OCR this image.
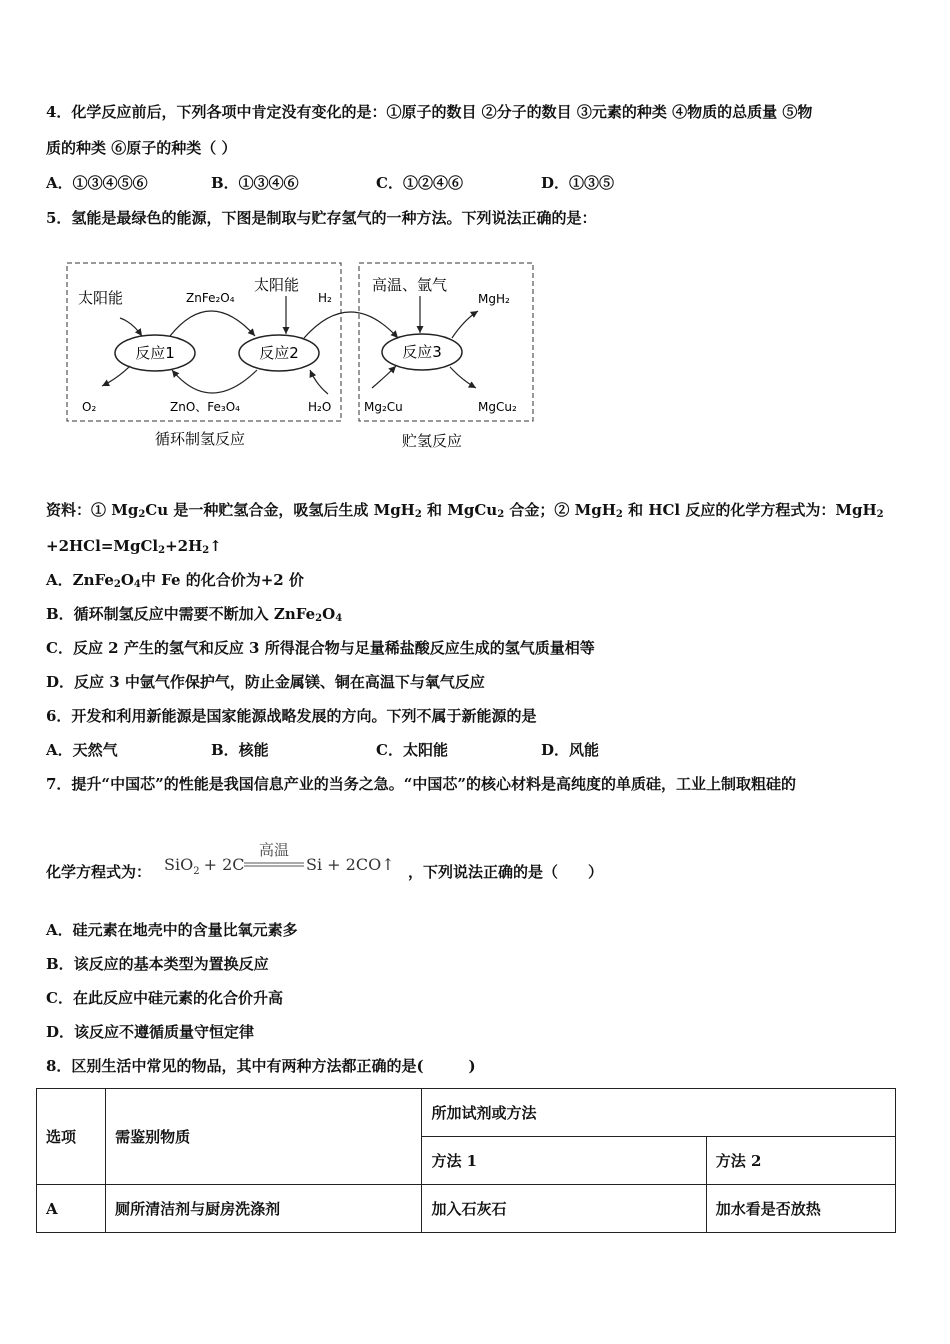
4．化学反应前后，下列各项中肯定没有变化的是：①原子的数目 ②分子的数目 ③元素的种类 ④物质的总质量 ⑤物
质的种类 ⑥原子的种类（ ）
A．①③④⑤⑥	B．①③④⑥	C．①②④⑥	D．①③⑤
5．氢能是最绿色的能源，下图是制取与贮存氢气的一种方法。下列说法正确的是：
太阳能
太阳能	高温、氩气
ZnFe₂O₄	H₂	MgH₂
反应1	反应2	反应3
O₂	ZnO、Fe₃O₄	H₂O	Mg₂Cu	MgCu₂
循环制氢反应	贮氢反应
资料：① $Mg_2Cu$ 是一种贮氢合金，吸氢后生成 MgH$_2$ 和 MgCu$_2$ 合金；② MgH$_2$ 和 HCl 反应的化学方程式为：MgH$_2$
$+2HCl=MgCl_2+2H_2↑$
A．$ZnFe_2O_4$中 Fe 的化合价为+2 价
B．循环制氢反应中需要不断加入 $ZnFe_2O_4$
C．反应 2 产生的氢气和反应 3 所得混合物与足量稀盐酸反应生成的氢气质量相等
D．反应 3 中氩气作保护气，防止金属镁、铜在高温下与氧气反应
6．开发和利用新能源是国家能源战略发展的方向。下列不属于新能源的是
A．天然气	B．核能	C．太阳能	D．风能
7．提升“中国芯”的性能是我国信息产业的当务之急。“中国芯”的核心材料是高纯度的单质硅，工业上制取粗硅的
化学方程式为： SiO$_2$ + 2C
高温
Si + 2CO↑ ，下列说法正确的是（　　）
A．硅元素在地壳中的含量比氧元素多
B．该反应的基本类型为置换反应
C．在此反应中硅元素的化合价升高
D．该反应不遵循质量守恒定律
8．区别生活中常见的物品，其中有两种方法都正确的是(　　　)
选项	需鉴别物质	所加试剂或方法	
		方法 1	方法 2
A	厕所清洁剂与厨房洗涤剂	加入石灰石	加水看是否放热
